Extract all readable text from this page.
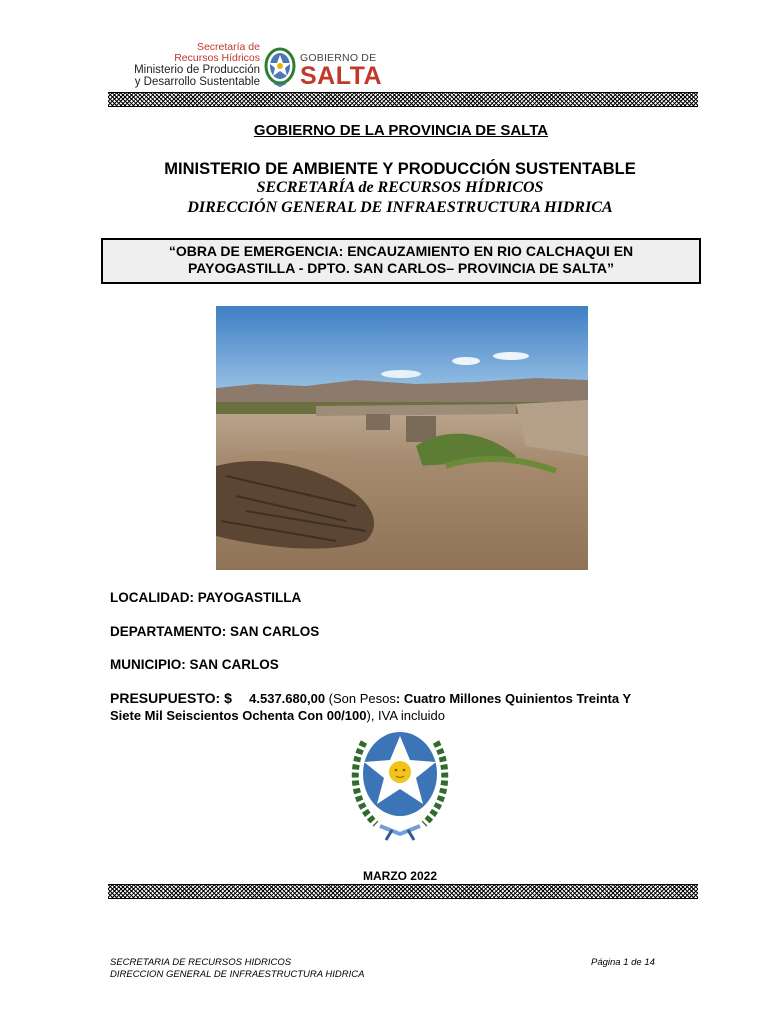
Secretaría de
Recursos Hídricos
Ministerio de Producción
y Desarrollo Sustentable
GOBIERNO DE
SALTA
GOBIERNO DE LA PROVINCIA DE SALTA
MINISTERIO DE AMBIENTE Y PRODUCCIÓN SUSTENTABLE
SECRETARÍA de RECURSOS HÍDRICOS
DIRECCIÓN GENERAL DE INFRAESTRUCTURA HIDRICA
“OBRA DE EMERGENCIA: ENCAUZAMIENTO EN RIO CALCHAQUI EN
PAYOGASTILLA - DPTO. SAN CARLOS– PROVINCIA DE SALTA”
LOCALIDAD: PAYOGASTILLA
DEPARTAMENTO: SAN CARLOS
MUNICIPIO: SAN CARLOS
PRESUPUESTO: $ 4.537.680,00 (Son Pesos: Cuatro Millones Quinientos Treinta Y
Siete Mil Seiscientos Ochenta Con 00/100), IVA incluido
MARZO 2022
SECRETARIA DE RECURSOS HIDRICOS
DIRECCION GENERAL DE INFRAESTRUCTURA HIDRICA
Página 1 de 14
